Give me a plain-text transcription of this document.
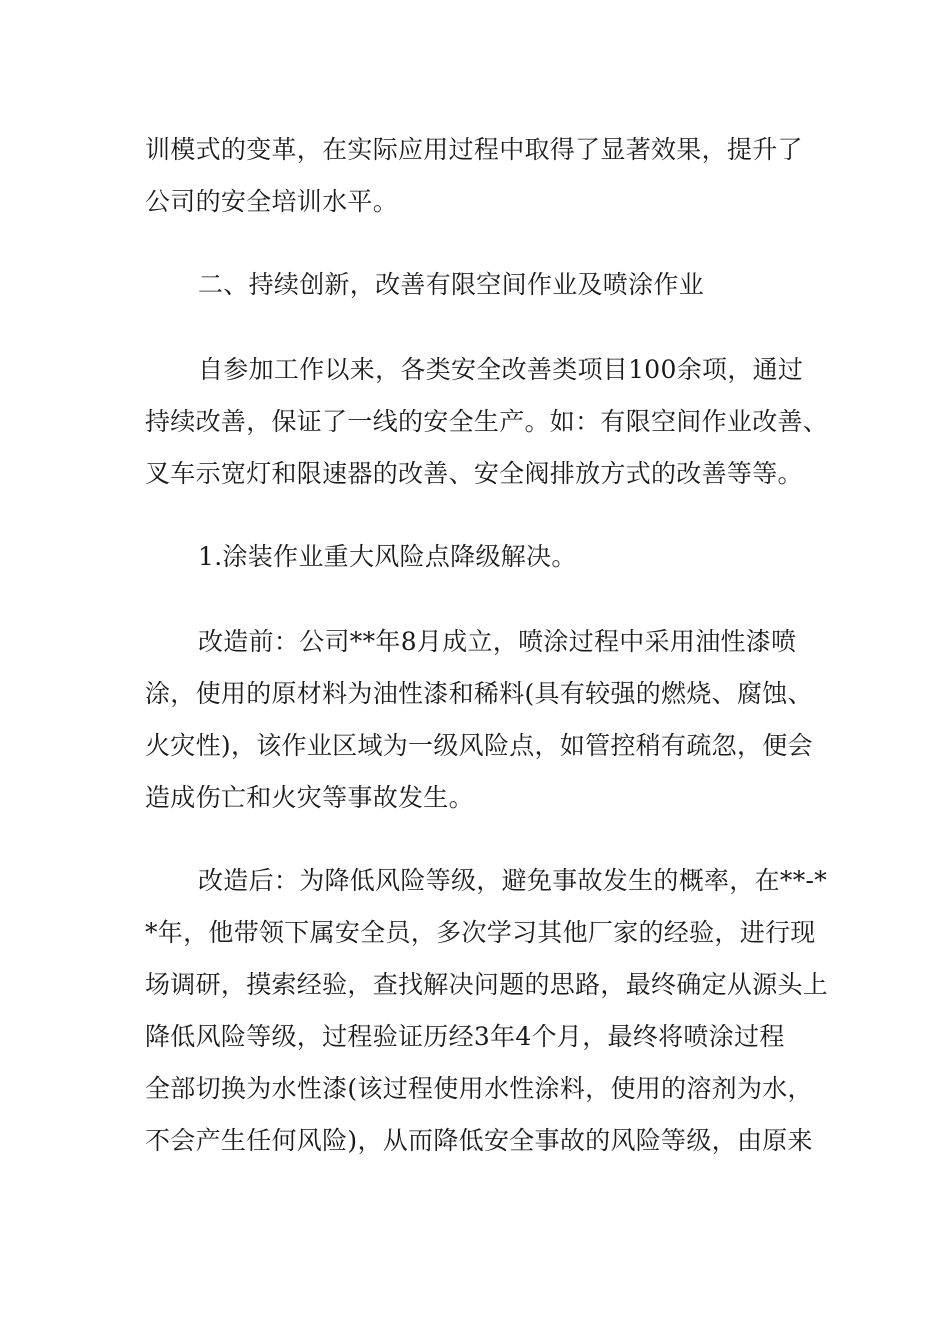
训模式的变革，在实际应用过程中取得了显著效果，提升了
公司的安全培训水平。
二、持续创新，改善有限空间作业及喷涂作业
自参加工作以来，各类安全改善类项目100余项，通过
持续改善，保证了一线的安全生产。如：有限空间作业改善、
叉车示宽灯和限速器的改善、安全阀排放方式的改善等等。
1.涂装作业重大风险点降级解决。
改造前：公司**年8月成立，喷涂过程中采用油性漆喷
涂，使用的原材料为油性漆和稀料(具有较强的燃烧、腐蚀、
火灾性)，该作业区域为一级风险点，如管控稍有疏忽，便会
造成伤亡和火灾等事故发生。
改造后：为降低风险等级，避免事故发生的概率，在**-*
*年，他带领下属安全员，多次学习其他厂家的经验，进行现
场调研，摸索经验，查找解决问题的思路，最终确定从源头上
降低风险等级，过程验证历经3年4个月，最终将喷涂过程
全部切换为水性漆(该过程使用水性涂料，使用的溶剂为水，
不会产生任何风险)，从而降低安全事故的风险等级，由原来
